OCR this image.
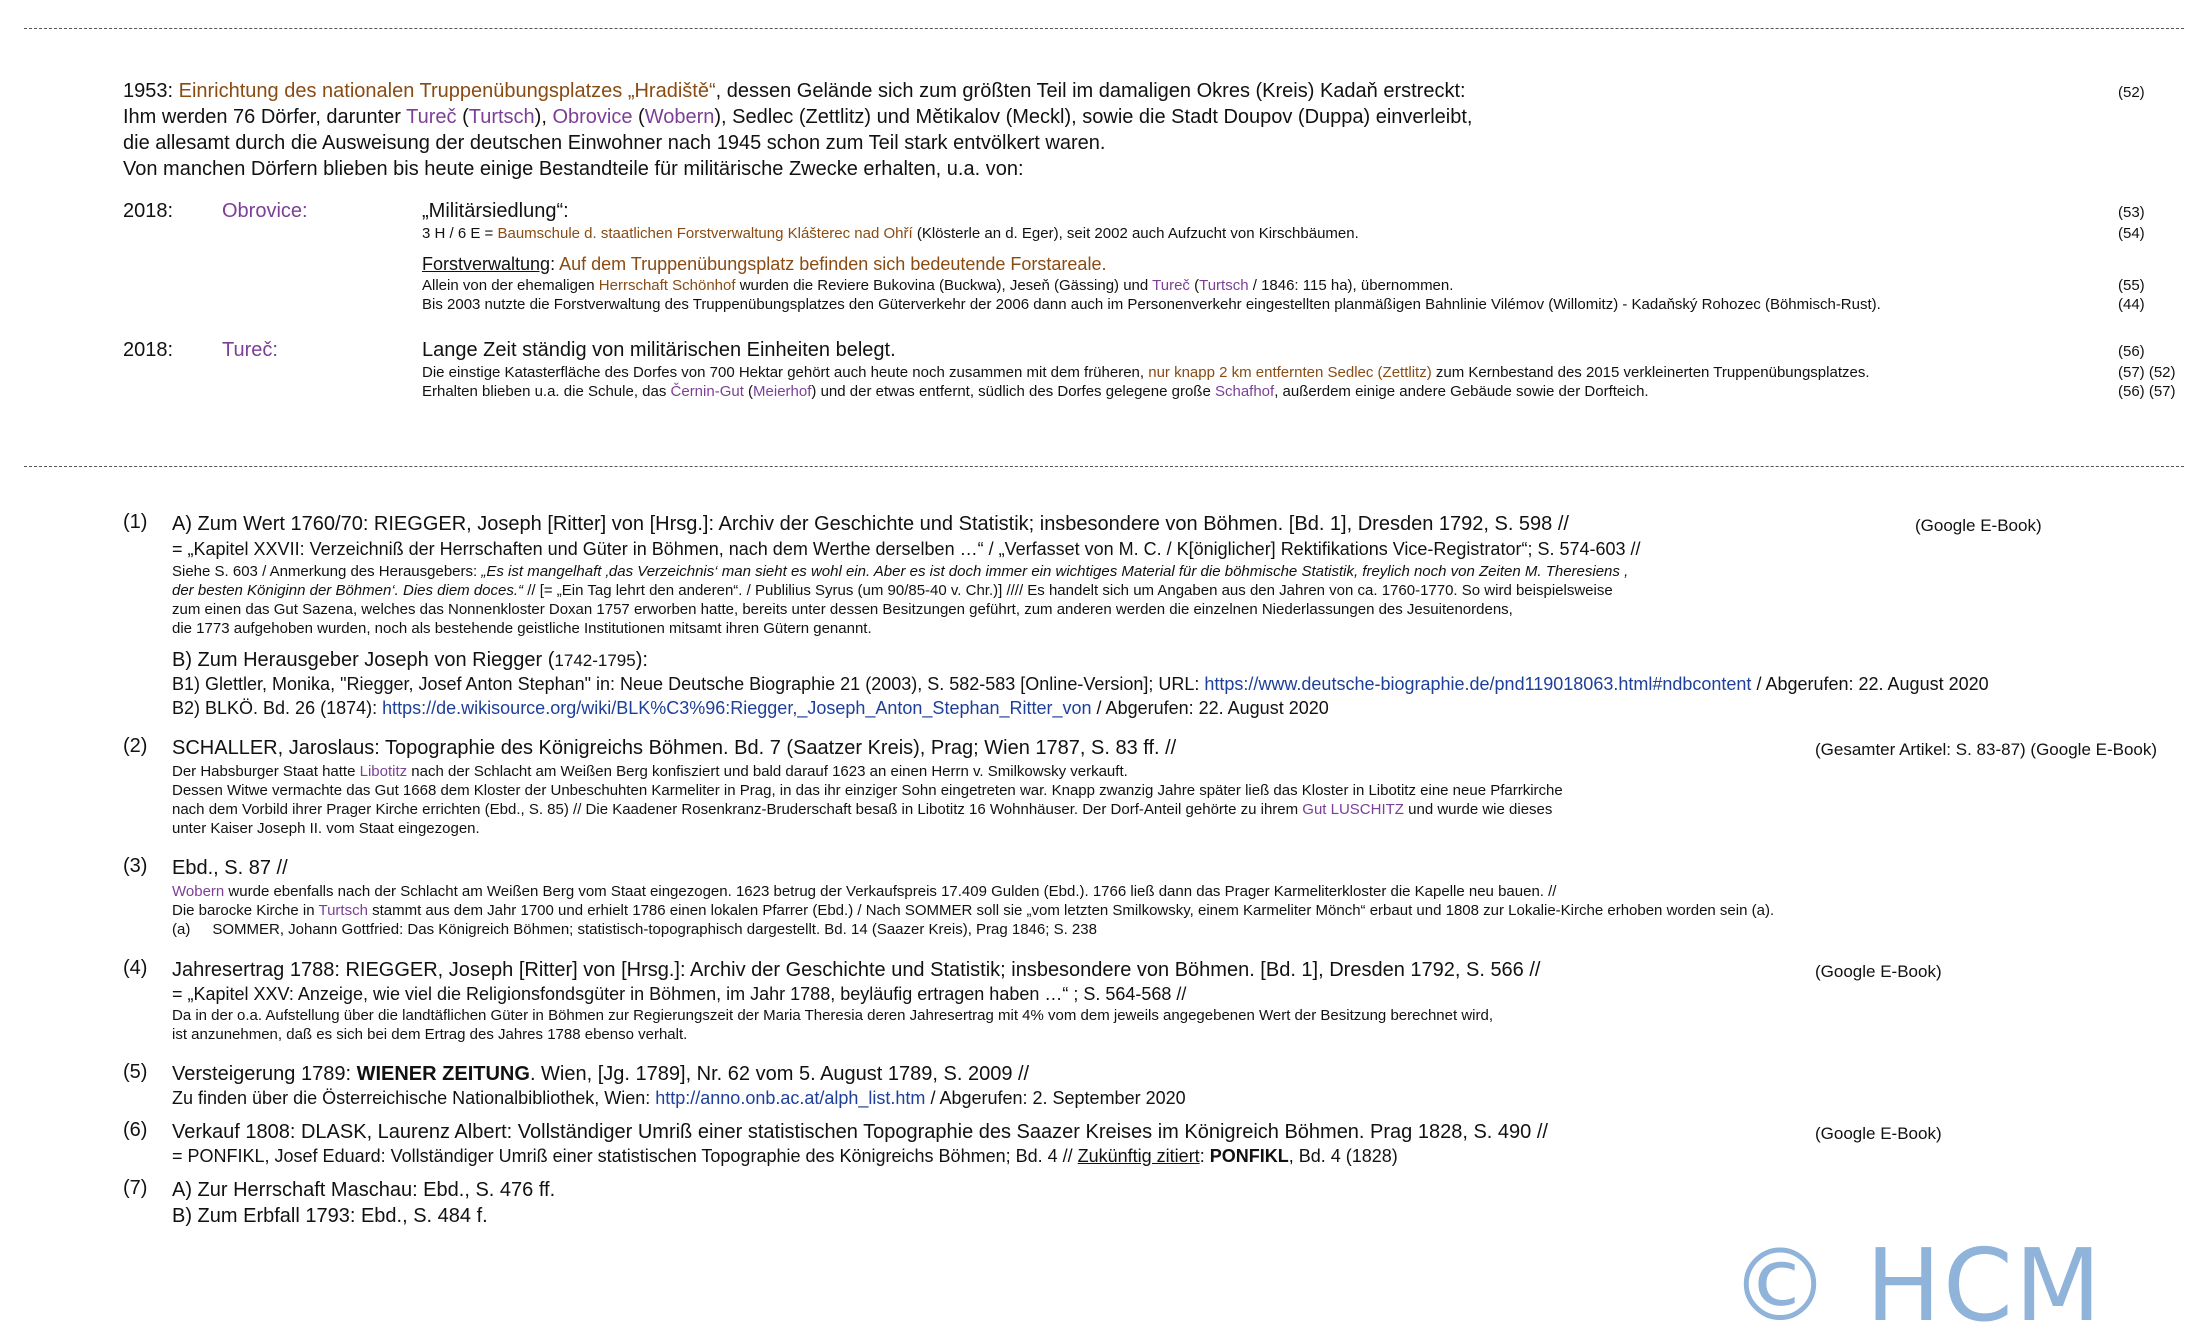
1953: Einrichtung des nationalen Truppenübungsplatzes „Hradiště“, dessen Gelände sich zum größten Teil im damaligen Okres (Kreis) Kadaň erstreckt:	(52)
Ihm werden 76 Dörfer, darunter Tureč (Turtsch), Obrovice (Wobern), Sedlec (Zettlitz) und Mětikalov (Meckl), sowie die Stadt Doupov (Duppa) einverleibt,
die allesamt durch die Ausweisung der deutschen Einwohner nach 1945 schon zum Teil stark entvölkert waren.
Von manchen Dörfern blieben bis heute einige Bestandteile für militärische Zwecke erhalten, u.a. von:
2018: Obrovice:	„Militärsiedlung“:	(53)
3 H / 6 E = Baumschule d. staatlichen Forstverwaltung Klášterec nad Ohří (Klösterle an d. Eger), seit 2002 auch Aufzucht von Kirschbäumen.	(54)
Forstverwaltung: Auf dem Truppenübungsplatz befinden sich bedeutende Forstareale.
Allein von der ehemaligen Herrschaft Schönhof wurden die Reviere Bukovina (Buckwa), Jeseň (Gässing) und Tureč (Turtsch / 1846: 115 ha), übernommen.	(55)
Bis 2003 nutzte die Forstverwaltung des Truppenübungsplatzes den Güterverkehr der 2006 dann auch im Personenverkehr eingestellten planmäßigen Bahnlinie Vilémov (Willomitz) - Kadaňský Rohozec (Böhmisch-Rust).	(44)
2018: Tureč:	Lange Zeit ständig von militärischen Einheiten belegt.	(56)
Die einstige Katasterfläche des Dorfes von 700 Hektar gehört auch heute noch zusammen mit dem früheren, nur knapp 2 km entfernten Sedlec (Zettlitz) zum Kernbestand des 2015 verkleinerten Truppenübungsplatzes.	(57) (52)
Erhalten blieben u.a. die Schule, das Černin-Gut (Meierhof) und der etwas entfernt, südlich des Dorfes gelegene große Schafhof, außerdem einige andere Gebäude sowie der Dorfteich.	(56) (57)
(1) A) Zum Wert 1760/70: RIEGGER, Joseph [Ritter] von [Hrsg.]: Archiv der Geschichte und Statistik; insbesondere von Böhmen. [Bd. 1], Dresden 1792, S. 598 //	(Google E-Book)
= „Kapitel XXVII: Verzeichniß der Herrschaften und Güter in Böhmen, nach dem Werthe derselben …“ / „Verfasset von M. C. / K[öniglicher] Rektifikations Vice-Registrator“; S. 574-603 //
Siehe S. 603 / Anmerkung des Herausgebers: „Es ist mangelhaft ‚das Verzeichnis‘ man sieht es wohl ein. Aber es ist doch immer ein wichtiges Material für die böhmische Statistik, freylich noch von Zeiten M. Theresiens ,
der besten Königinn der Böhmen‘. Dies diem doces.“ // [= „Ein Tag lehrt den anderen“. / Publilius Syrus (um 90/85-40 v. Chr.)] //// Es handelt sich um Angaben aus den Jahren von ca. 1760-1770. So wird beispielsweise
zum einen das Gut Sazena, welches das Nonnenkloster Doxan 1757 erworben hatte, bereits unter dessen Besitzungen geführt, zum anderen werden die einzelnen Niederlassungen des Jesuitenordens,
die 1773 aufgehoben wurden, noch als bestehende geistliche Institutionen mitsamt ihren Gütern genannt.
B) Zum Herausgeber Joseph von Riegger (1742-1795):
B1) Glettler, Monika, "Riegger, Josef Anton Stephan" in: Neue Deutsche Biographie 21 (2003), S. 582-583 [Online-Version]; URL: https://www.deutsche-biographie.de/pnd119018063.html#ndbcontent / Abgerufen: 22. August 2020
B2) BLKÖ. Bd. 26 (1874): https://de.wikisource.org/wiki/BLK%C3%96:Riegger,_Joseph_Anton_Stephan_Ritter_von / Abgerufen: 22. August 2020
(2) SCHALLER, Jaroslaus: Topographie des Königreichs Böhmen. Bd. 7 (Saatzer Kreis), Prag; Wien 1787, S. 83 ff. //	(Gesamter Artikel: S. 83-87) (Google E-Book)
Der Habsburger Staat hatte Libotitz nach der Schlacht am Weißen Berg konfisziert und bald darauf 1623 an einen Herrn v. Smilkowsky verkauft.
Dessen Witwe vermachte das Gut 1668 dem Kloster der Unbeschuhten Karmeliter in Prag, in das ihr einziger Sohn eingetreten war. Knapp zwanzig Jahre später ließ das Kloster in Libotitz eine neue Pfarrkirche
nach dem Vorbild ihrer Prager Kirche errichten (Ebd., S. 85) // Die Kaadener Rosenkranz-Bruderschaft besaß in Libotitz 16 Wohnhäuser. Der Dorf-Anteil gehörte zu ihrem Gut LUSCHITZ und wurde wie dieses
unter Kaiser Joseph II. vom Staat eingezogen.
(3) Ebd., S. 87 //
Wobern wurde ebenfalls nach der Schlacht am Weißen Berg vom Staat eingezogen. 1623 betrug der Verkaufspreis 17.409 Gulden (Ebd.). 1766 ließ dann das Prager Karmeliterkloster die Kapelle neu bauen. //
Die barocke Kirche in Turtsch stammt aus dem Jahr 1700 und erhielt 1786 einen lokalen Pfarrer (Ebd.) / Nach SOMMER soll sie „vom letzten Smilkowsky, einem Karmeliter Mönch“ erbaut und 1808 zur Lokalie-Kirche erhoben worden sein (a).
(a) SOMMER, Johann Gottfried: Das Königreich Böhmen; statistisch-topographisch dargestellt. Bd. 14 (Saazer Kreis), Prag 1846; S. 238
(4) Jahresertrag 1788: RIEGGER, Joseph [Ritter] von [Hrsg.]: Archiv der Geschichte und Statistik; insbesondere von Böhmen. [Bd. 1], Dresden 1792, S. 566 //	(Google E-Book)
= „Kapitel XXV: Anzeige, wie viel die Religionsfondsgüter in Böhmen, im Jahr 1788, beyläufig ertragen haben …“ ; S. 564-568 //
Da in der o.a. Aufstellung über die landtäflichen Güter in Böhmen zur Regierungszeit der Maria Theresia deren Jahresertrag mit 4% vom dem jeweils angegebenen Wert der Besitzung berechnet wird,
ist anzunehmen, daß es sich bei dem Ertrag des Jahres 1788 ebenso verhalt.
(5) Versteigerung 1789: WIENER ZEITUNG. Wien, [Jg. 1789], Nr. 62 vom 5. August 1789, S. 2009 //
Zu finden über die Österreichische Nationalbibliothek, Wien: http://anno.onb.ac.at/alph_list.htm / Abgerufen: 2. September 2020
(6) Verkauf 1808: DLASK, Laurenz Albert: Vollständiger Umriß einer statistischen Topographie des Saazer Kreises im Königreich Böhmen. Prag 1828, S. 490 //	(Google E-Book)
= PONFIKL, Josef Eduard: Vollständiger Umriß einer statistischen Topographie des Königreichs Böhmen; Bd. 4 // Zukünftig zitiert: PONFIKL, Bd. 4 (1828)
(7) A) Zur Herrschaft Maschau: Ebd., S. 476 ff.
B) Zum Erbfall 1793: Ebd., S. 484 f.
© HCM
